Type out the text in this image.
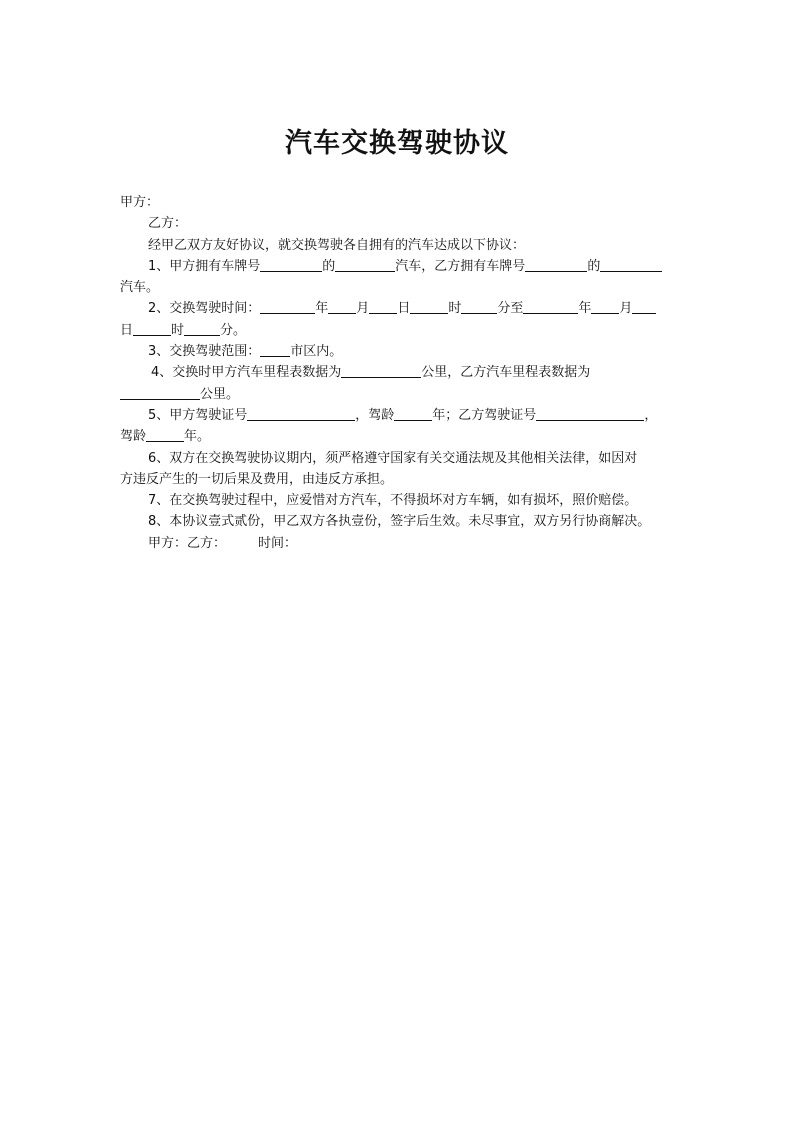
汽车交换驾驶协议
甲方：
乙方：
经甲乙双方友好协议，就交换驾驶各自拥有的汽车达成以下协议：
1、甲方拥有车牌号	的	汽车，乙方拥有车牌号	的
汽车。
2、交换驾驶时间：	年 月 日	时	分至	年 月
日	时	分。
3、交换驾驶范围： 市区内。
4、交换时甲方汽车里程表数据为	公里，乙方汽车里程表数据为
公里。
5、甲方驾驶证号	，驾龄	年；乙方驾驶证号	，
驾龄	年。
6、双方在交换驾驶协议期内，须严格遵守国家有关交通法规及其他相关法律，如因对
方违反产生的一切后果及费用，由违反方承担。
7、在交换驾驶过程中，应爱惜对方汽车，不得损坏对方车辆，如有损坏，照价赔偿。
8、本协议壹式贰份，甲乙双方各执壹份，签字后生效。未尽事宜，双方另行协商解决。
甲方：乙方： 时间：
